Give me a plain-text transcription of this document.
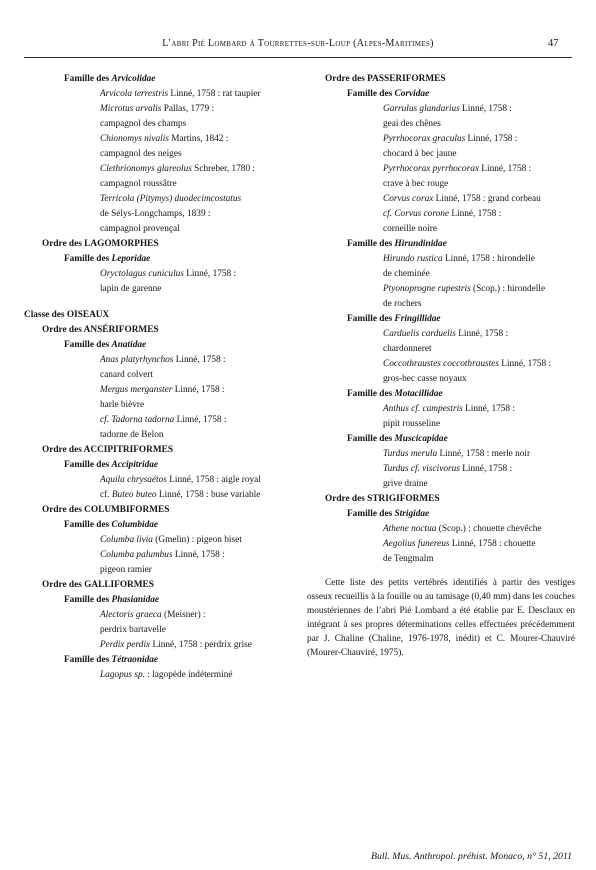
L’abri Pié Lombard à Tourrettes-sur-Loup (Alpes-Maritimes)	47
Famille des Arvicolidae
Arvicola terrestris Linné, 1758 : rat taupier
Microtus arvalis Pallas, 1779 :
campagnol des champs
Chionomys nivalis Martins, 1842 :
campagnol des neiges
Clethrionomys glareolus Schreber, 1780 :
campagnol roussâtre
Terricola (Pitymys) duodecimcostatus
de Sélys-Longchamps, 1839 :
campagnol provençal
Ordre des LAGOMORPHES
Famille des Leporidae
Oryctolagus cuniculus Linné, 1758 :
lapin de garenne
Classe des OISEAUX
Ordre des ANSÉRIFORMES
Famille des Anatidae
Anas platyrhynchos Linné, 1758 :
canard colvert
Mergus merganster Linné, 1758 :
harle bièvre
cf. Tadorna tadorna Linné, 1758 :
tadorne de Belon
Ordre des ACCIPITRIFORMES
Famille des Accipitridae
Aquila chrysaëtos Linné, 1758 : aigle royal
cf. Buteo buteo Linné, 1758 : buse variable
Ordre des COLUMBIFORMES
Famille des Columbidae
Columba livia (Gmelin) : pigeon biset
Columba palumbus Linné, 1758 :
pigeon ramier
Ordre des GALLIFORMES
Famille des Phasianidae
Alectoris graeca (Meisner) :
perdrix bartavelle
Perdix perdix Linné, 1758 : perdrix grise
Famille des Tétraonidae
Lagopus sp. : lagopède indéterminé
Ordre des PASSERIFORMES
Famille des Corvidae
Garrulus glandarius Linné, 1758 :
geai des chênes
Pyrrhocorax graculus Linné, 1758 :
chocard à bec jaune
Pyrrhocorax pyrrhocorax Linné, 1758 :
crave à bec rouge
Corvus corax Linné, 1758 : grand corbeau
cf. Corvus corone Linné, 1758 :
corneille noire
Famille des Hirundinidae
Hirundo rustica Linné, 1758 : hirondelle
de cheminée
Ptyonoprogne rupestris (Scop.) : hirondelle
de rochers
Famille des Fringillidae
Carduelis carduelis Linné, 1758 :
chardonneret
Coccothraustes coccothraustes Linné, 1758 :
gros-bec casse noyaux
Famille des Motacillidae
Anthus cf. campestris Linné, 1758 :
pipit rousseline
Famille des Muscicapidae
Turdus merula Linné, 1758 : merle noir
Turdus cf. viscivorus Linné, 1758 :
grive draine
Ordre des STRIGIFORMES
Famille des Strigidae
Athene noctua (Scop.) : chouette chevêche
Aegolius funereus Linné, 1758 : chouette
de Tengmalm

Cette liste des petits vertébrés identifiés à partir des vestiges osseux recueillis à la fouille ou au tamisage (0,40 mm) dans les couches moustériennes de l’abri Pié Lombard a été établie par E. Desclaux en intégrant à ses propres déterminations celles effectuées précédemment par J. Chaline (Chaline, 1976-1978, inédit) et C. Mourer-Chauviré (Mourer-Chauviré, 1975).

Bull. Mus. Anthropol. préhist. Monaco, n° 51, 2011
